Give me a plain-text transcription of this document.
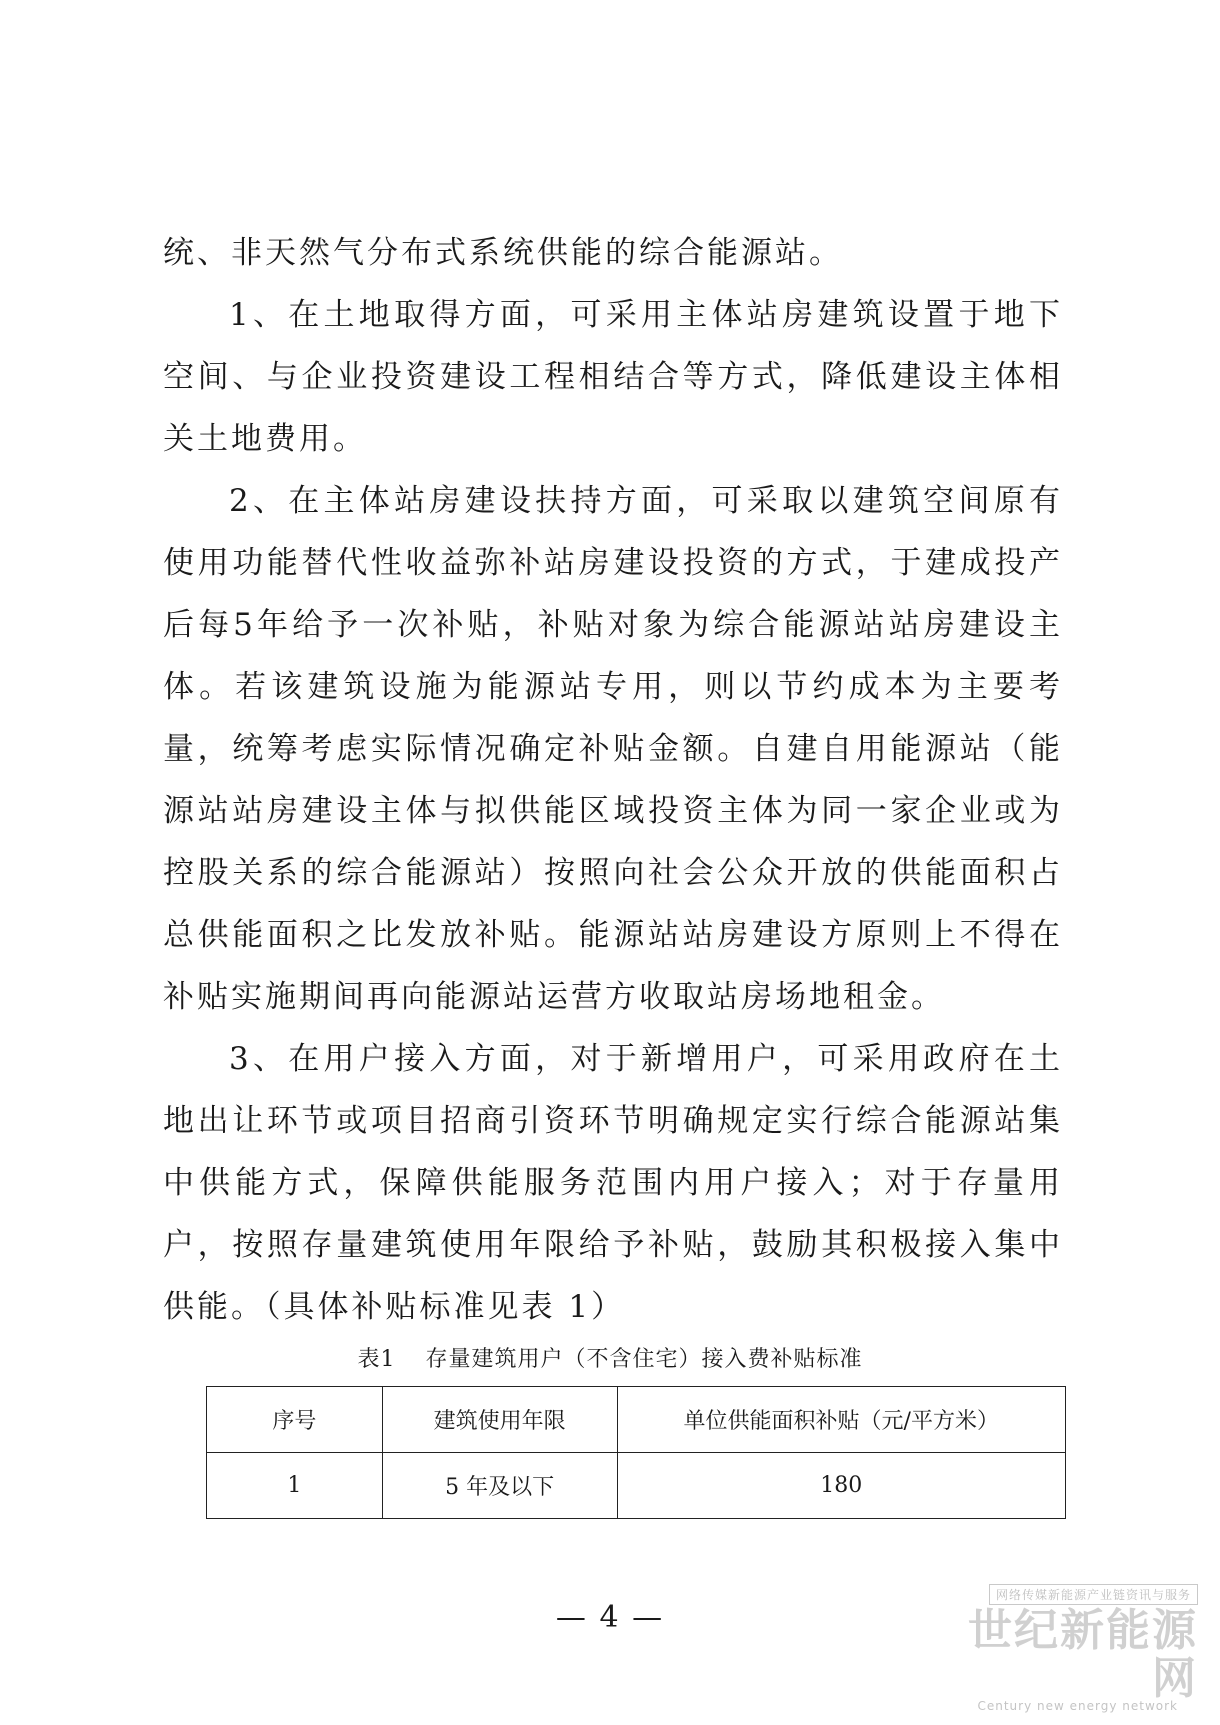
统、非天然气分布式系统供能的综合能源站。

1、在土地取得方面，可采用主体站房建筑设置于地下空间、与企业投资建设工程相结合等方式，降低建设主体相关土地费用。

2、在主体站房建设扶持方面，可采取以建筑空间原有使用功能替代性收益弥补站房建设投资的方式，于建成投产后每5年给予一次补贴，补贴对象为综合能源站站房建设主体。若该建筑设施为能源站专用，则以节约成本为主要考量，统筹考虑实际情况确定补贴金额。自建自用能源站（能源站站房建设主体与拟供能区域投资主体为同一家企业或为控股关系的综合能源站）按照向社会公众开放的供能面积占总供能面积之比发放补贴。能源站站房建设方原则上不得在补贴实施期间再向能源站运营方收取站房场地租金。

3、在用户接入方面，对于新增用户，可采用政府在土地出让环节或项目招商引资环节明确规定实行综合能源站集中供能方式，保障供能服务范围内用户接入；对于存量用户，按照存量建筑使用年限给予补贴，鼓励其积极接入集中供能。（具体补贴标准见表 1）

表1 存量建筑用户（不含住宅）接入费补贴标准
序号	建筑使用年限	单位供能面积补贴（元/平方米）
1	5 年及以下	180
— 4 —
网络传媒新能源产业链资讯与服务
世纪新能源网
Century new energy network
